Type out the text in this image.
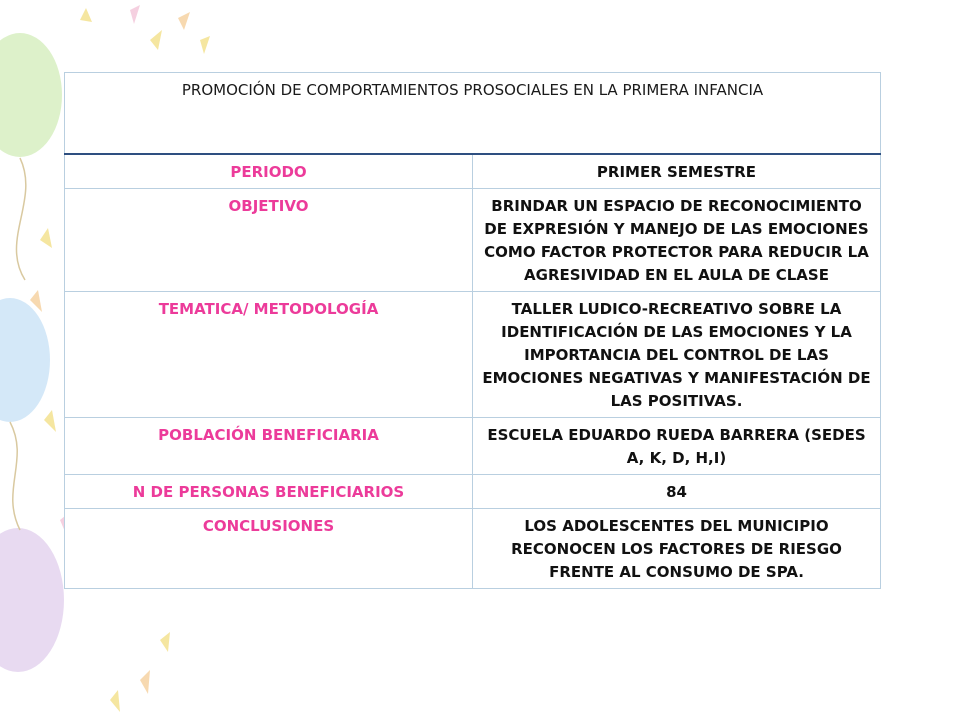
PROMOCIÓN DE COMPORTAMIENTOS PROSOCIALES EN LA PRIMERA INFANCIA	
PERIODO	PRIMER SEMESTRE
OBJETIVO	BRINDAR UN ESPACIO DE RECONOCIMIENTO DE EXPRESIÓN Y MANEJO DE LAS EMOCIONES COMO FACTOR PROTECTOR PARA REDUCIR LA AGRESIVIDAD EN EL AULA DE CLASE
TEMATICA/ METODOLOGÍA	TALLER LUDICO-RECREATIVO SOBRE LA IDENTIFICACIÓN DE LAS EMOCIONES Y LA IMPORTANCIA DEL CONTROL DE LAS EMOCIONES NEGATIVAS Y MANIFESTACIÓN DE LAS POSITIVAS.
POBLACIÓN BENEFICIARIA	ESCUELA EDUARDO RUEDA BARRERA (SEDES A, K, D, H,I)
N DE PERSONAS BENEFICIARIOS	84
CONCLUSIONES	LOS ADOLESCENTES DEL MUNICIPIO RECONOCEN LOS FACTORES DE RIESGO FRENTE AL CONSUMO DE SPA.
